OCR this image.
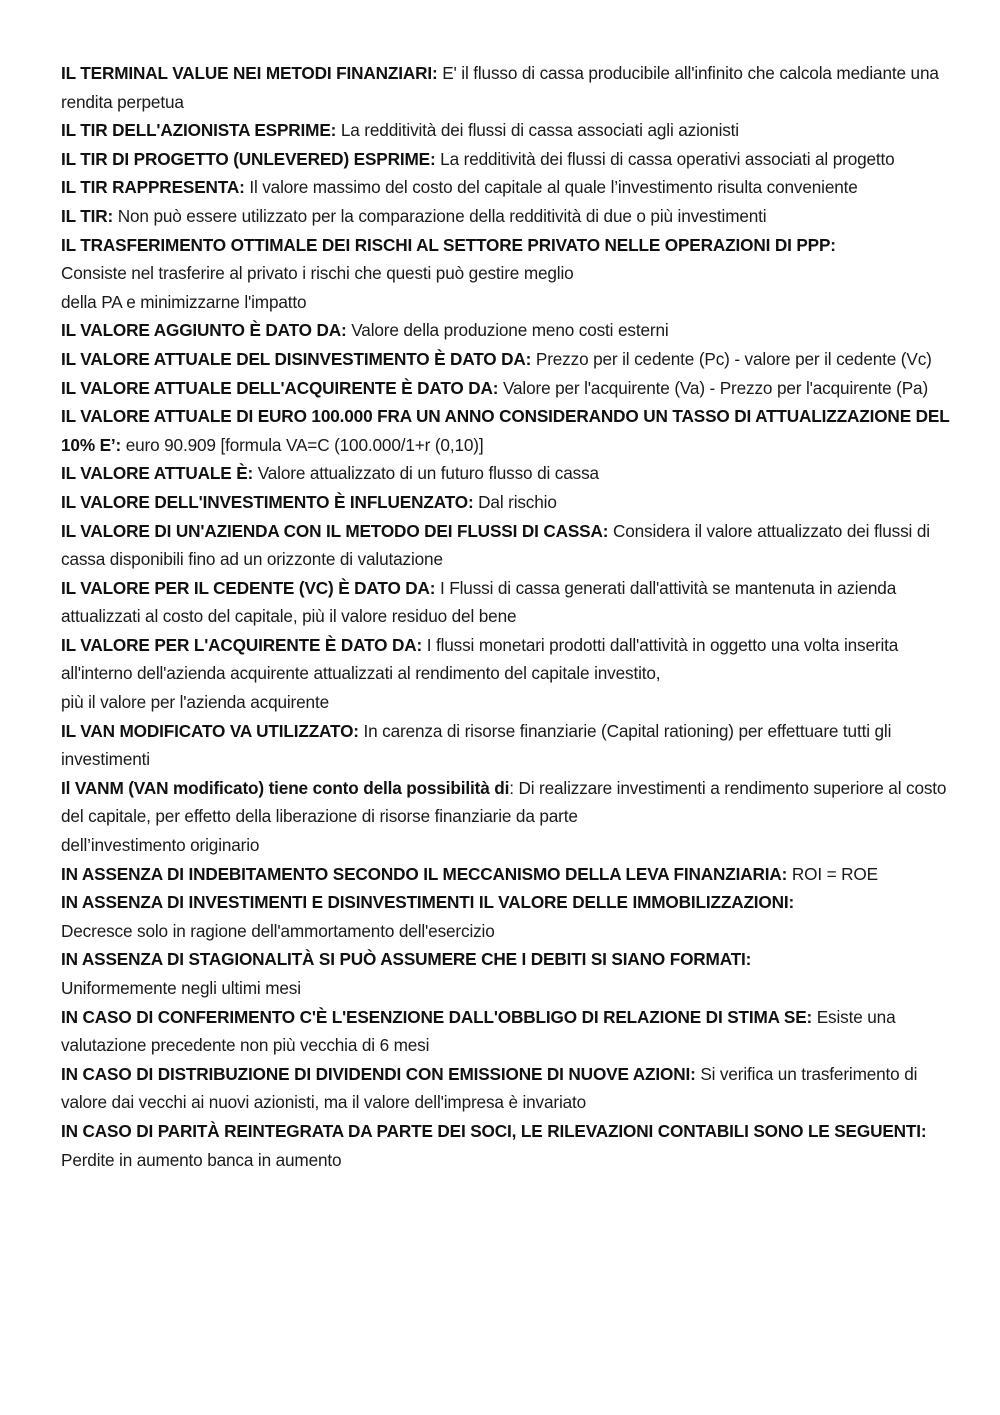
IL TERMINAL VALUE NEI METODI FINANZIARI: E' il flusso di cassa producibile all'infinito che calcola mediante una rendita perpetua
IL TIR DELL'AZIONISTA ESPRIME: La redditività dei flussi di cassa associati agli azionisti
IL TIR DI PROGETTO (UNLEVERED) ESPRIME: La redditività dei flussi di cassa operativi associati al progetto
IL TIR RAPPRESENTA: Il valore massimo del costo del capitale al quale l’investimento risulta conveniente
IL TIR: Non può essere utilizzato per la comparazione della redditività di due o più investimenti
IL TRASFERIMENTO OTTIMALE DEI RISCHI AL SETTORE PRIVATO NELLE OPERAZIONI DI PPP:
Consiste nel trasferire al privato i rischi che questi può gestire meglio
della PA e minimizzarne l'impatto
IL VALORE AGGIUNTO È DATO DA: Valore della produzione meno costi esterni
IL VALORE ATTUALE DEL DISINVESTIMENTO È DATO DA: Prezzo per il cedente (Pc) - valore per il cedente (Vc)
IL VALORE ATTUALE DELL'ACQUIRENTE È DATO DA: Valore per l'acquirente (Va) - Prezzo per l'acquirente (Pa)
IL VALORE ATTUALE DI EURO 100.000 FRA UN ANNO CONSIDERANDO UN TASSO DI ATTUALIZZAZIONE DEL 10% E’: euro 90.909 [formula VA=C (100.000/1+r (0,10)]
IL VALORE ATTUALE È: Valore attualizzato di un futuro flusso di cassa
IL VALORE DELL'INVESTIMENTO È INFLUENZATO: Dal rischio
IL VALORE DI UN'AZIENDA CON IL METODO DEI FLUSSI DI CASSA: Considera il valore attualizzato dei flussi di cassa disponibili fino ad un orizzonte di valutazione
IL VALORE PER IL CEDENTE (VC) È DATO DA: I Flussi di cassa generati dall'attività se mantenuta in azienda attualizzati al costo del capitale, più il valore residuo del bene
IL VALORE PER L'ACQUIRENTE È DATO DA: I flussi monetari prodotti dall'attività in oggetto una volta inserita all'interno dell'azienda acquirente attualizzati al rendimento del capitale investito,
più il valore per l'azienda acquirente
IL VAN MODIFICATO VA UTILIZZATO: In carenza di risorse finanziarie (Capital rationing) per effettuare tutti gli investimenti
Il VANM (VAN modificato) tiene conto della possibilità di: Di realizzare investimenti a rendimento superiore al costo del capitale, per effetto della liberazione di risorse finanziarie da parte
dell’investimento originario
IN ASSENZA DI INDEBITAMENTO SECONDO IL MECCANISMO DELLA LEVA FINANZIARIA: ROI = ROE
IN ASSENZA DI INVESTIMENTI E DISINVESTIMENTI IL VALORE DELLE IMMOBILIZZAZIONI:
Decresce solo in ragione dell'ammortamento dell'esercizio
IN ASSENZA DI STAGIONALITÀ SI PUÒ ASSUMERE CHE I DEBITI SI SIANO FORMATI:
Uniformemente negli ultimi mesi
IN CASO DI CONFERIMENTO C'È L'ESENZIONE DALL'OBBLIGO DI RELAZIONE DI STIMA SE: Esiste una valutazione precedente non più vecchia di 6 mesi
IN CASO DI DISTRIBUZIONE DI DIVIDENDI CON EMISSIONE DI NUOVE AZIONI: Si verifica un trasferimento di valore dai vecchi ai nuovi azionisti, ma il valore dell'impresa è invariato
IN CASO DI PARITÀ REINTEGRATA DA PARTE DEI SOCI, LE RILEVAZIONI CONTABILI SONO LE SEGUENTI: Perdite in aumento banca in aumento
